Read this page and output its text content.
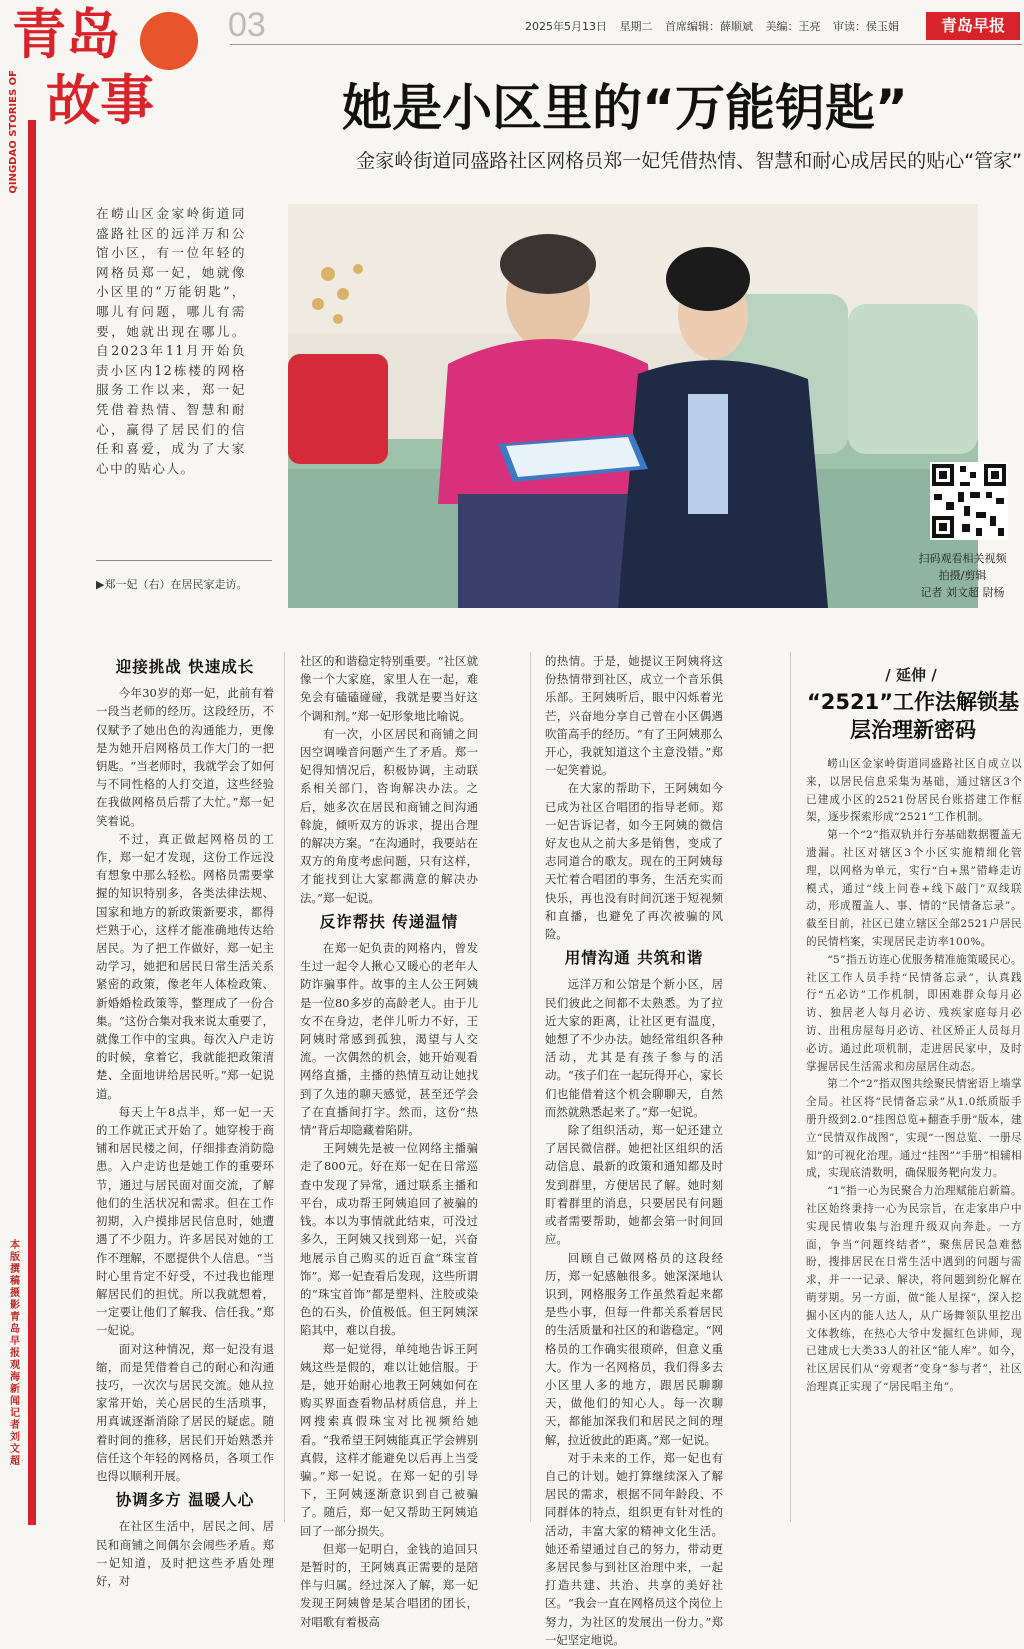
青岛
故事
QINGDAO STORIES OF
03	2025年5月13日 星期二 首席编辑：薛顺斌 美编：王亮 审读：侯玉娟	青岛早报
她是小区里的“万能钥匙”
金家岭街道同盛路社区网格员郑一妃凭借热情、智慧和耐心成居民的贴心“管家”
在崂山区金家岭街道同盛路社区的远洋万和公馆小区，有一位年轻的网格员郑一妃，她就像小区里的“万能钥匙”，哪儿有问题，哪儿有需要，她就出现在哪儿。自2023年11月开始负责小区内12栋楼的网格服务工作以来，郑一妃凭借着热情、智慧和耐心，赢得了居民们的信任和喜爱，成为了大家心中的贴心人。
▶郑一妃（右）在居民家走访。
扫码观看相关视频
拍摄/剪辑
记者 刘文超 尉杨
迎接挑战 快速成长

今年30岁的郑一妃，此前有着一段当老师的经历。这段经历，不仅赋予了她出色的沟通能力，更像是为她开启网格员工作大门的一把钥匙。“当老师时，我就学会了如何与不同性格的人打交道，这些经验在我做网格员后帮了大忙。”郑一妃笑着说。

不过，真正做起网格员的工作，郑一妃才发现，这份工作远没有想象中那么轻松。网格员需要掌握的知识特别多，各类法律法规、国家和地方的新政策新要求，都得烂熟于心，这样才能准确地传达给居民。为了把工作做好，郑一妃主动学习，她把和居民日常生活关系紧密的政策，像老年人体检政策、新婚婚检政策等，整理成了一份合集。“这份合集对我来说太重要了，就像工作中的宝典。每次入户走访的时候，拿着它，我就能把政策清楚、全面地讲给居民听。”郑一妃说道。

每天上午8点半，郑一妃一天的工作就正式开始了。她穿梭于商铺和居民楼之间，仔细排查消防隐患。入户走访也是她工作的重要环节，通过与居民面对面交流，了解他们的生活状况和需求。但在工作初期，入户摸排居民信息时，她遭遇了不少阻力。许多居民对她的工作不理解，不愿提供个人信息。“当时心里肯定不好受，不过我也能理解居民们的担忧。所以我就想着，一定要让他们了解我、信任我。”郑一妃说。

面对这种情况，郑一妃没有退缩，而是凭借着自己的耐心和沟通技巧，一次次与居民交流。她从拉家常开始，关心居民的生活琐事，用真诚逐渐消除了居民的疑虑。随着时间的推移，居民们开始熟悉并信任这个年轻的网格员，各项工作也得以顺利开展。

协调多方 温暖人心

在社区生活中，居民之间、居民和商铺之间偶尔会闹些矛盾。郑一妃知道，及时把这些矛盾处理好，对

社区的和谐稳定特别重要。“社区就像一个大家庭，家里人在一起，难免会有磕磕碰碰，我就是要当好这个调和剂。”郑一妃形象地比喻说。

有一次，小区居民和商铺之间因空调噪音问题产生了矛盾。郑一妃得知情况后，积极协调，主动联系相关部门，咨询解决办法。之后，她多次在居民和商铺之间沟通斡旋，倾听双方的诉求，提出合理的解决方案。“在沟通时，我要站在双方的角度考虑问题，只有这样，才能找到让大家都满意的解决办法。”郑一妃说。

反诈帮扶 传递温情

在郑一妃负责的网格内，曾发生过一起令人揪心又暖心的老年人防诈骗事件。故事的主人公王阿姨是一位80多岁的高龄老人。由于儿女不在身边，老伴儿听力不好，王阿姨时常感到孤独，渴望与人交流。一次偶然的机会，她开始观看网络直播，主播的热情互动让她找到了久违的聊天感觉，甚至还学会了在直播间打字。然而，这份“热情”背后却隐藏着陷阱。

王阿姨先是被一位网络主播骗走了800元。好在郑一妃在日常巡查中发现了异常，通过联系主播和平台，成功帮王阿姨追回了被骗的钱。本以为事情就此结束，可没过多久，王阿姨又找到郑一妃，兴奋地展示自己购买的近百盒“珠宝首饰”。郑一妃查看后发现，这些所谓的“珠宝首饰”都是塑料、注胶或染色的石头，价值极低。但王阿姨深陷其中，难以自拔。

郑一妃觉得，单纯地告诉王阿姨这些是假的，难以让她信服。于是，她开始耐心地教王阿姨如何在购买界面查看物品材质信息，并上网搜索真假珠宝对比视频给她看。“我希望王阿姨能真正学会辨别真假，这样才能避免以后再上当受骗。”郑一妃说。在郑一妃的引导下，王阿姨逐渐意识到自己被骗了。随后，郑一妃又帮助王阿姨追回了一部分损失。

但郑一妃明白，金钱的追回只是暂时的，王阿姨真正需要的是陪伴与归属。经过深入了解，郑一妃发现王阿姨曾是某合唱团的团长，对唱歌有着极高

的热情。于是，她提议王阿姨将这份热情带到社区，成立一个音乐俱乐部。王阿姨听后，眼中闪烁着光芒，兴奋地分享自己曾在小区偶遇吹笛高手的经历。“有了王阿姨那么开心，我就知道这个主意没错。”郑一妃笑着说。

在大家的帮助下，王阿姨如今已成为社区合唱团的指导老师。郑一妃告诉记者，如今王阿姨的微信好友也从之前大多是销售，变成了志同道合的歌友。现在的王阿姨每天忙着合唱团的事务，生活充实而快乐，再也没有时间沉迷于短视频和直播，也避免了再次被骗的风险。

用情沟通 共筑和谐

远洋万和公馆是个新小区，居民们彼此之间都不太熟悉。为了拉近大家的距离，让社区更有温度，她想了不少办法。她经常组织各种活动，尤其是有孩子参与的活动。“孩子们在一起玩得开心，家长们也能借着这个机会聊聊天，自然而然就熟悉起来了。”郑一妃说。

除了组织活动，郑一妃还建立了居民微信群。她把社区组织的活动信息、最新的政策和通知都及时发到群里，方便居民了解。她时刻盯着群里的消息，只要居民有问题或者需要帮助，她都会第一时间回应。

回顾自己做网格员的这段经历，郑一妃感触很多。她深深地认识到，网格服务工作虽然看起来都是些小事，但每一件都关系着居民的生活质量和社区的和谐稳定。“网格员的工作确实很琐碎，但意义重大。作为一名网格员，我们得多去小区里人多的地方，跟居民聊聊天，做他们的知心人。每一次聊天，都能加深我们和居民之间的理解，拉近彼此的距离。”郑一妃说。

对于未来的工作，郑一妃也有自己的计划。她打算继续深入了解居民的需求，根据不同年龄段、不同群体的特点，组织更有针对性的活动，丰富大家的精神文化生活。她还希望通过自己的努力，带动更多居民参与到社区治理中来，一起打造共建、共治、共享的美好社区。“我会一直在网格员这个岗位上努力，为社区的发展出一份力。”郑一妃坚定地说。

/ 延伸 /
“2521”工作法解锁基层治理新密码

崂山区金家岭街道同盛路社区自成立以来，以居民信息采集为基础，通过辖区3个已建成小区的2521份居民台账搭建工作框架，逐步探索形成“2521”工作机制。

第一个“2”指双轨并行夯基础数据覆盖无遗漏。社区对辖区3个小区实施精细化管理，以网格为单元，实行“白+黑”错峰走访模式，通过“线上问卷+线下敲门”双线联动，形成覆盖人、事、情的“民情备忘录”。截至目前，社区已建立辖区全部2521户居民的民情档案，实现居民走访率100%。

“5”指五访连心优服务精准施策暖民心。社区工作人员手持“民情备忘录”，认真践行“五必访”工作机制，即困难群众每月必访、独居老人每月必访、残疾家庭每月必访、出租房屋每月必访、社区矫正人员每月必访。通过此项机制，走进居民家中，及时掌握居民生活需求和房屋居住动态。

第二个“2”指双图共绘聚民情密语上墙掌全局。社区将“民情备忘录”从1.0纸质版手册升级到2.0“挂图总览+翻查手册”版本，建立“民情双作战图”，实现“一图总览、一册尽知”的可视化治理。通过“挂图”“手册”相辅相成，实现底清数明，确保服务靶向发力。

“1”指一心为民聚合力治理赋能启新篇。社区始终秉持一心为民宗旨，在走家串户中实现民情收集与治理升级双向奔赴。一方面，争当“问题终结者”，聚焦居民急难愁盼，搜排居民在日常生活中遇到的问题与需求，并一一记录、解决，将问题到纷化解在萌芽期。另一方面，做“能人星探”，深入挖掘小区内的能人达人，从广场舞领队里挖出文体教练，在热心大爷中发掘红色讲师，现已建成七大类33人的社区“能人库”。如今，社区居民们从“旁观者”变身“参与者”，社区治理真正实现了“居民唱主角”。

本
版
撰
稿
摄
影
青
岛
早
报
观
海
新
闻
记
者
刘
文
超
